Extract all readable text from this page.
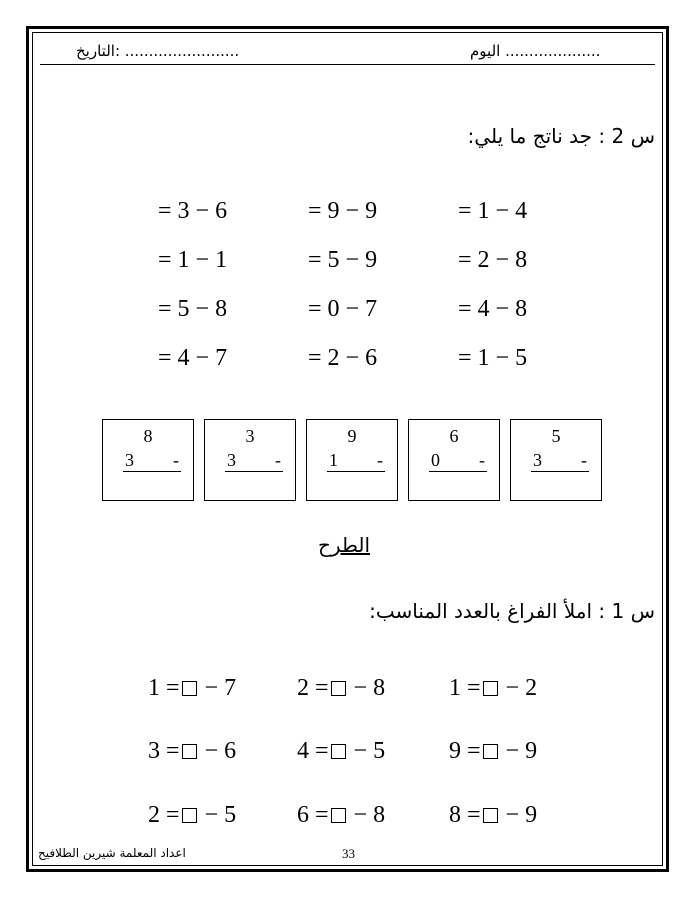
اليوم ....................
التاريخ: ........................
س 2 : جد ناتج ما يلي:
= 3 − 6	= 9 − 9	= 1 − 4
= 1 − 1	= 5 − 9	= 2 − 8
= 5 − 8	= 0 − 7	= 4 − 8
= 4 − 7	= 2 − 6	= 1 − 5
8
3 -
3
3 -
9
1 -
6
0 -
5
3 -
الطرح
س 1 : املأ الفراغ بالعدد المناسب:
1 = − 7	2 = − 8	1 = − 2
3 = − 6	4 = − 5	9 = − 9
2 = − 5	6 = − 8	8 = − 9
اعداد المعلمة شيرين الطلافيح	33
